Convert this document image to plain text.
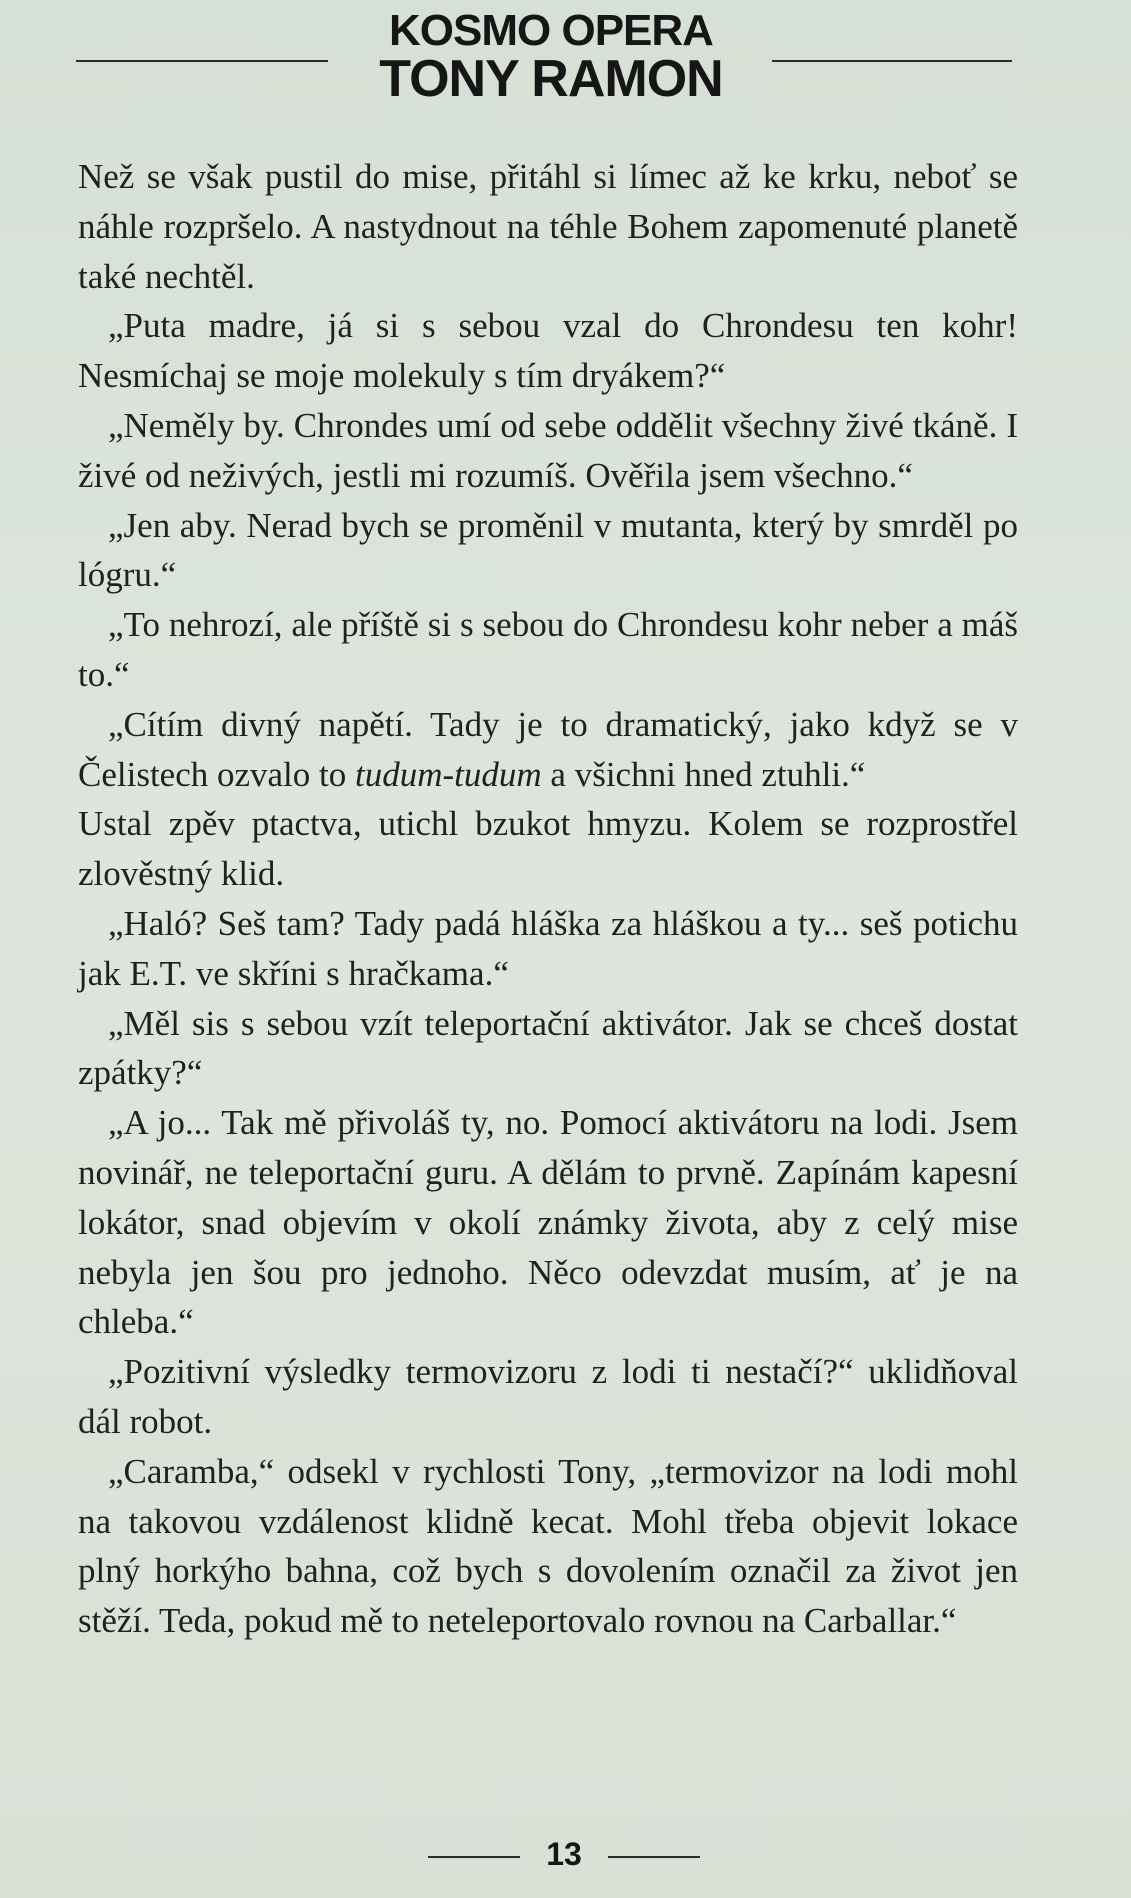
KOSMO OPERA
TONY RAMON

Než se však pustil do mise, přitáhl si límec až ke krku, neboť se náhle rozpršelo. A nastydnout na téhle Bohem zapomenuté planetě také nechtěl.

„Puta madre, já si s sebou vzal do Chrondesu ten kohr! Nesmíchaj se moje molekuly s tím dryákem?“

„Neměly by. Chrondes umí od sebe oddělit všechny živé tkáně. I živé od neživých, jestli mi rozumíš. Ověřila jsem všechno.“

„Jen aby. Nerad bych se proměnil v mutanta, který by smrděl po lógru.“

„To nehrozí, ale příště si s sebou do Chrondesu kohr neber a máš to.“

„Cítím divný napětí. Tady je to dramatický, jako když se v Čelistech ozvalo to tudum-tudum a všichni hned ztuhli.“

Ustal zpěv ptactva, utichl bzukot hmyzu. Kolem se rozprostřel zlověstný klid.

„Haló? Seš tam? Tady padá hláška za hláškou a ty... seš potichu jak E.T. ve skříni s hračkama.“

„Měl sis s sebou vzít teleportační aktivátor. Jak se chceš dostat zpátky?“

„A jo... Tak mě přivoláš ty, no. Pomocí aktivátoru na lodi. Jsem novinář, ne teleportační guru. A dělám to prvně. Zapínám kapesní lokátor, snad objevím v okolí známky života, aby z celý mise nebyla jen šou pro jednoho. Něco odevzdat musím, ať je na chleba.“

„Pozitivní výsledky termovizoru z lodi ti nestačí?“ uklidňoval dál robot.

„Caramba,“ odsekl v rychlosti Tony, „termovizor na lodi mohl na takovou vzdálenost klidně kecat. Mohl třeba objevit lokace plný horkýho bahna, což bych s dovolením označil za život jen stěží. Teda, pokud mě to neteleportovalo rovnou na Carballar.“

13
